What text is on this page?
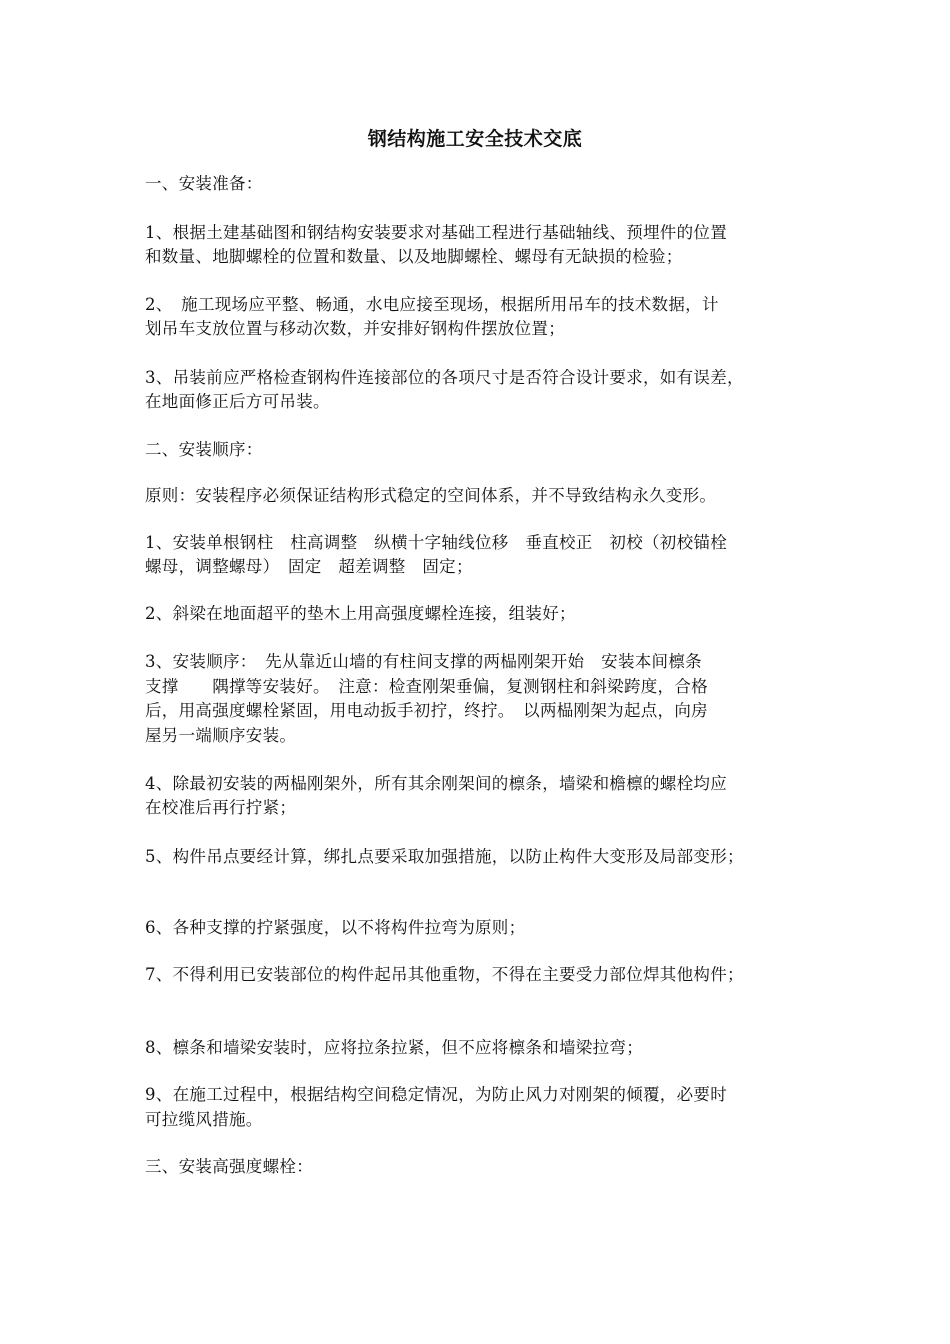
钢结构施工安全技术交底
一、安装准备：
1、根据土建基础图和钢结构安装要求对基础工程进行基础轴线、预埋件的位置
和数量、地脚螺栓的位置和数量、以及地脚螺栓、螺母有无缺损的检验；
2、　施工现场应平整、畅通，水电应接至现场，根据所用吊车的技术数据，计
划吊车支放位置与移动次数，并安排好钢构件摆放位置；
3、吊装前应严格检查钢构件连接部位的各项尺寸是否符合设计要求，如有误差，
在地面修正后方可吊装。
二、安装顺序：
原则：安装程序必须保证结构形式稳定的空间体系，并不导致结构永久变形。
1、安装单根钢柱　柱高调整　纵横十字轴线位移　垂直校正　初校（初校锚栓
螺母，调整螺母）　固定　超差调整　固定；
2、斜梁在地面超平的垫木上用高强度螺栓连接，组装好；
3、安装顺序：　先从靠近山墙的有柱间支撑的两榀刚架开始　安装本间檩条
支撑　　隅撑等安装好。　注意：检查刚架垂偏，复测钢柱和斜梁跨度，合格
后，用高强度螺栓紧固，用电动扳手初拧，终拧。　以两榀刚架为起点，向房
屋另一端顺序安装。
4、除最初安装的两榀刚架外，所有其余刚架间的檩条，墙梁和檐檩的螺栓均应
在校准后再行拧紧；
5、构件吊点要经计算，绑扎点要采取加强措施，以防止构件大变形及局部变形；
6、各种支撑的拧紧强度，以不将构件拉弯为原则；
7、不得利用已安装部位的构件起吊其他重物，不得在主要受力部位焊其他构件；
8、檩条和墙梁安装时，应将拉条拉紧，但不应将檩条和墙梁拉弯；
9、在施工过程中，根据结构空间稳定情况，为防止风力对刚架的倾覆，必要时
可拉缆风措施。
三、安装高强度螺栓：
